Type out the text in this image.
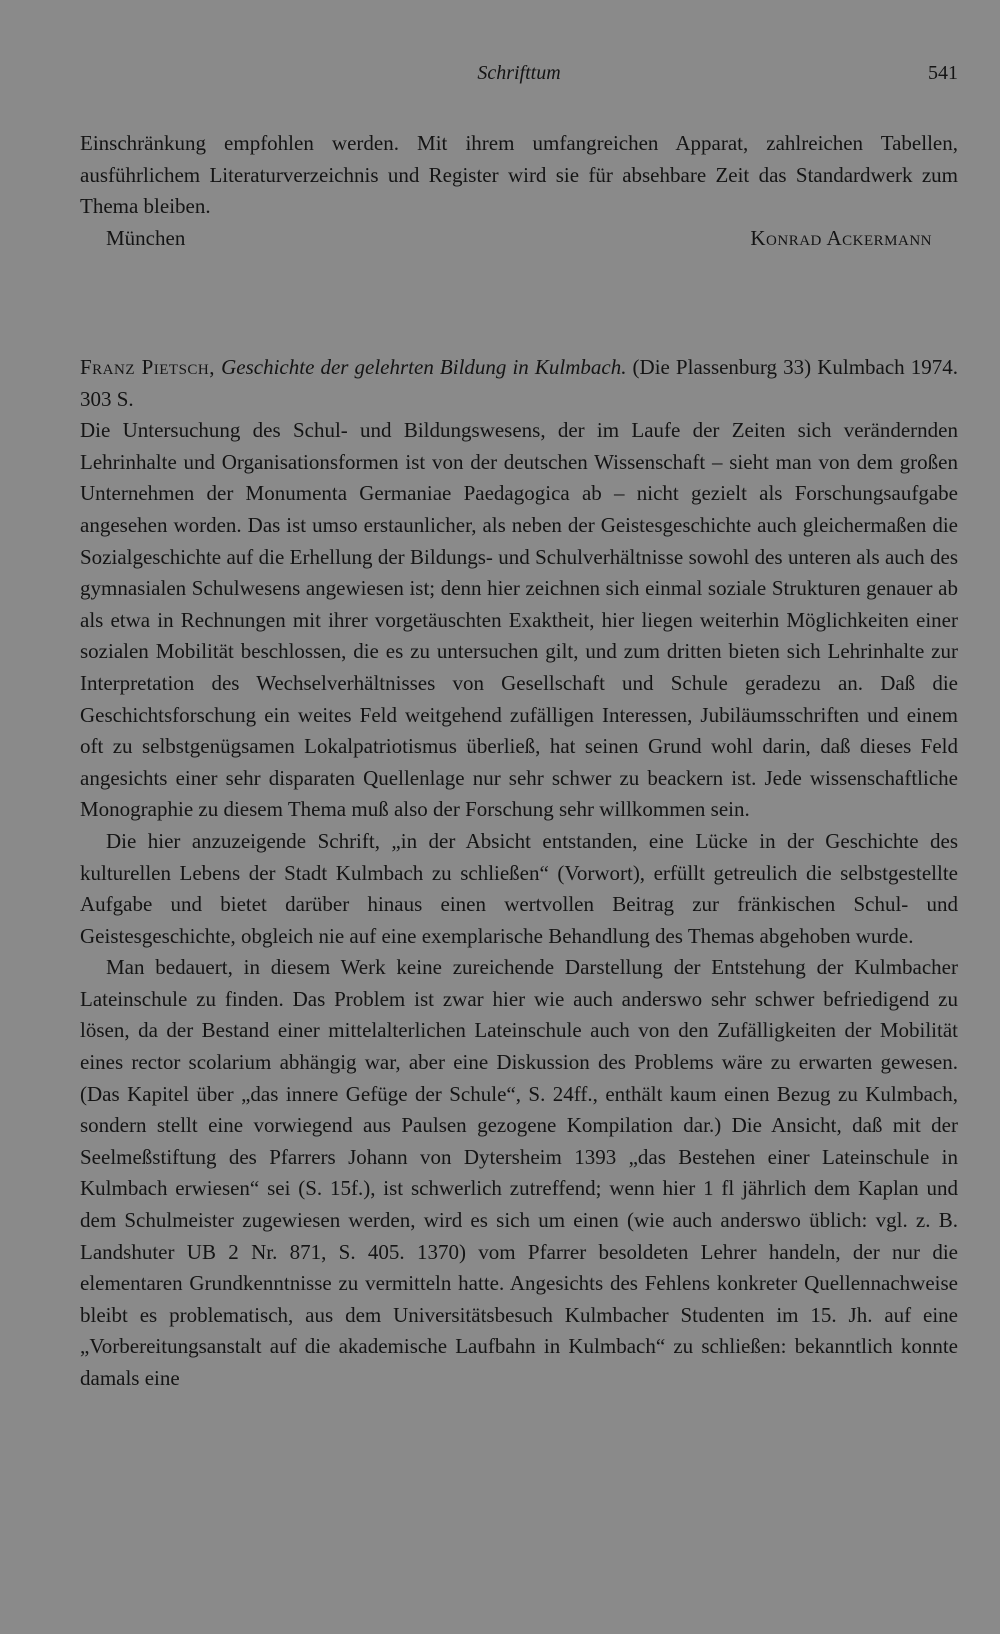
Schrifttum	541

Einschränkung empfohlen werden. Mit ihrem umfangreichen Apparat, zahlreichen Tabellen, ausführlichem Literaturverzeichnis und Register wird sie für absehbare Zeit das Standardwerk zum Thema bleiben.

München	Konrad Ackermann

Franz Pietsch, Geschichte der gelehrten Bildung in Kulmbach. (Die Plassenburg 33) Kulmbach 1974. 303 S.

Die Untersuchung des Schul- und Bildungswesens, der im Laufe der Zeiten sich verändernden Lehrinhalte und Organisationsformen ist von der deutschen Wissenschaft – sieht man von dem großen Unternehmen der Monumenta Germaniae Paedagogica ab – nicht gezielt als Forschungsaufgabe angesehen worden. Das ist umso erstaunlicher, als neben der Geistesgeschichte auch gleichermaßen die Sozialgeschichte auf die Erhellung der Bildungs- und Schulverhältnisse sowohl des unteren als auch des gymnasialen Schulwesens angewiesen ist; denn hier zeichnen sich einmal soziale Strukturen genauer ab als etwa in Rechnungen mit ihrer vorgetäuschten Exaktheit, hier liegen weiterhin Möglichkeiten einer sozialen Mobilität beschlossen, die es zu untersuchen gilt, und zum dritten bieten sich Lehrinhalte zur Interpretation des Wechselverhältnisses von Gesellschaft und Schule geradezu an. Daß die Geschichtsforschung ein weites Feld weitgehend zufälligen Interessen, Jubiläumsschriften und einem oft zu selbstgenügsamen Lokalpatriotismus überließ, hat seinen Grund wohl darin, daß dieses Feld angesichts einer sehr disparaten Quellenlage nur sehr schwer zu beackern ist. Jede wissenschaftliche Monographie zu diesem Thema muß also der Forschung sehr willkommen sein.

Die hier anzuzeigende Schrift, „in der Absicht entstanden, eine Lücke in der Geschichte des kulturellen Lebens der Stadt Kulmbach zu schließen“ (Vorwort), erfüllt getreulich die selbstgestellte Aufgabe und bietet darüber hinaus einen wertvollen Beitrag zur fränkischen Schul- und Geistesgeschichte, obgleich nie auf eine exemplarische Behandlung des Themas abgehoben wurde.

Man bedauert, in diesem Werk keine zureichende Darstellung der Entstehung der Kulmbacher Lateinschule zu finden. Das Problem ist zwar hier wie auch anderswo sehr schwer befriedigend zu lösen, da der Bestand einer mittelalterlichen Lateinschule auch von den Zufälligkeiten der Mobilität eines rector scolarium abhängig war, aber eine Diskussion des Problems wäre zu erwarten gewesen. (Das Kapitel über „das innere Gefüge der Schule“, S. 24ff., enthält kaum einen Bezug zu Kulmbach, sondern stellt eine vorwiegend aus Paulsen gezogene Kompilation dar.) Die Ansicht, daß mit der Seelmeßstiftung des Pfarrers Johann von Dytersheim 1393 „das Bestehen einer Lateinschule in Kulmbach erwiesen“ sei (S. 15f.), ist schwerlich zutreffend; wenn hier 1 fl jährlich dem Kaplan und dem Schulmeister zugewiesen werden, wird es sich um einen (wie auch anderswo üblich: vgl. z. B. Landshuter UB 2 Nr. 871, S. 405. 1370) vom Pfarrer besoldeten Lehrer handeln, der nur die elementaren Grundkenntnisse zu vermitteln hatte. Angesichts des Fehlens konkreter Quellennachweise bleibt es problematisch, aus dem Universitätsbesuch Kulmbacher Studenten im 15. Jh. auf eine „Vorbereitungsanstalt auf die akademische Laufbahn in Kulmbach“ zu schließen: bekanntlich konnte damals eine
